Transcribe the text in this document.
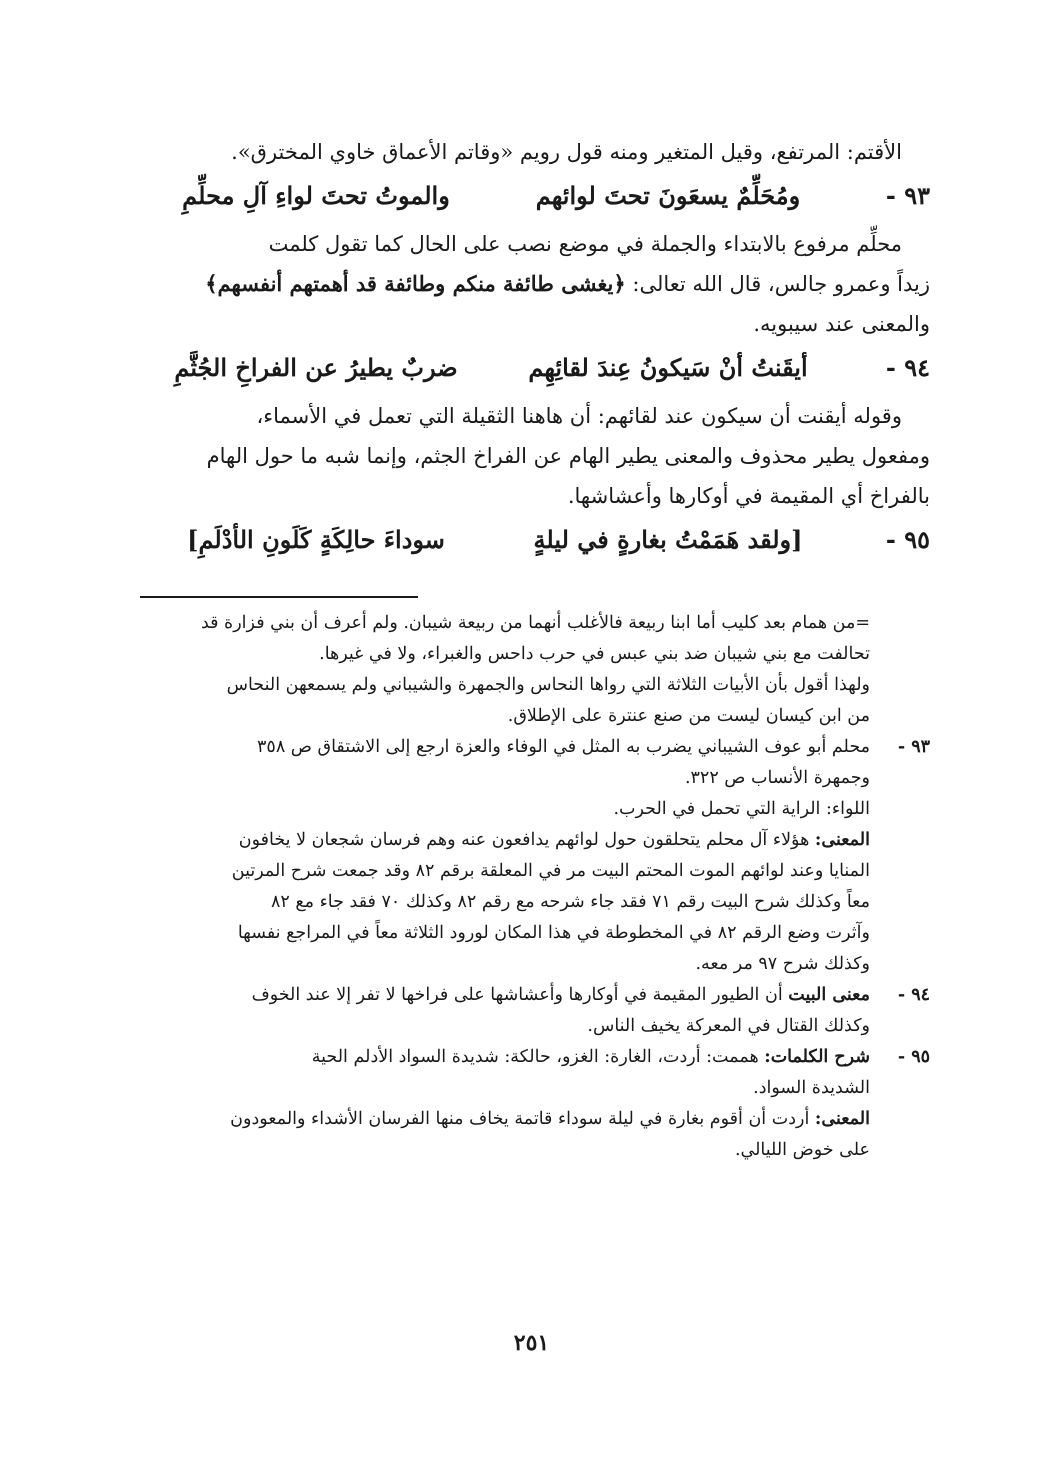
الأقتم: المرتفع، وقيل المتغير ومنه قول رويم «وقاتم الأعماق خاوي المخترق».

٩٣ -
ومُحَلِّمٌ يسعَونَ تحتَ لوائهم
والموتُ تحتَ لواءِ آلِ محلِّمِ

محلِّم مرفوع بالابتداء والجملة في موضع نصب على الحال كما تقول كلمت

زيداً وعمرو جالس، قال الله تعالى: ﴿يغشى طائفة منكم وطائفة قد أهمتهم أنفسهم﴾

والمعنى عند سيبويه.

٩٤ -
أيقَنتُ أنْ سَيكونُ عِندَ لقائِهِم
ضربٌ يطيرُ عن الفراخِ الجُثَّمِ

وقوله أيقنت أن سيكون عند لقائهم: أن هاهنا الثقيلة التي تعمل في الأسماء،

ومفعول يطير محذوف والمعنى يطير الهام عن الفراخ الجثم، وإنما شبه ما حول الهام

بالفراخ أي المقيمة في أوكارها وأعشاشها.

٩٥ -
[ولقد هَمَمْتُ بغارةٍ في ليلةٍ
سوداءَ حالِكَةٍ كَلَونِ الأدْلَمِ]

=من همام بعد كليب أما ابنا ربيعة فالأغلب أنهما من ربيعة شيبان. ولم أعرف أن بني فزارة قد

تحالفت مع بني شيبان ضد بني عبس في حرب داحس والغبراء، ولا في غيرها.

ولهذا أقول بأن الأبيات الثلاثة التي رواها النحاس والجمهرة والشيباني ولم يسمعهن النحاس

من ابن كيسان ليست من صنع عنترة على الإطلاق.

٩٣ -

محلم أبو عوف الشيباني يضرب به المثل في الوفاء والعزة ارجع إلى الاشتقاق ص ٣٥٨

وجمهرة الأنساب ص ٣٢٢.

اللواء: الراية التي تحمل في الحرب.

المعنى: هؤلاء آل محلم يتحلقون حول لوائهم يدافعون عنه وهم فرسان شجعان لا يخافون

المنايا وعند لوائهم الموت المحتم البيت مر في المعلقة برقم ٨٢ وقد جمعت شرح المرتين

معاً وكذلك شرح البيت رقم ٧١ فقد جاء شرحه مع رقم ٨٢ وكذلك ٧٠ فقد جاء مع ٨٢

وآثرت وضع الرقم ٨٢ في المخطوطة في هذا المكان لورود الثلاثة معاً في المراجع نفسها

وكذلك شرح ٩٧ مر معه.

٩٤ -

معنى البيت أن الطيور المقيمة في أوكارها وأعشاشها على فراخها لا تفر إلا عند الخوف

وكذلك القتال في المعركة يخيف الناس.

٩٥ -

شرح الكلمات: هممت: أردت، الغارة: الغزو، حالكة: شديدة السواد الأدلم الحية

الشديدة السواد.

المعنى: أردت أن أقوم بغارة في ليلة سوداء قاتمة يخاف منها الفرسان الأشداء والمعودون

على خوض الليالي.

٢٥١
